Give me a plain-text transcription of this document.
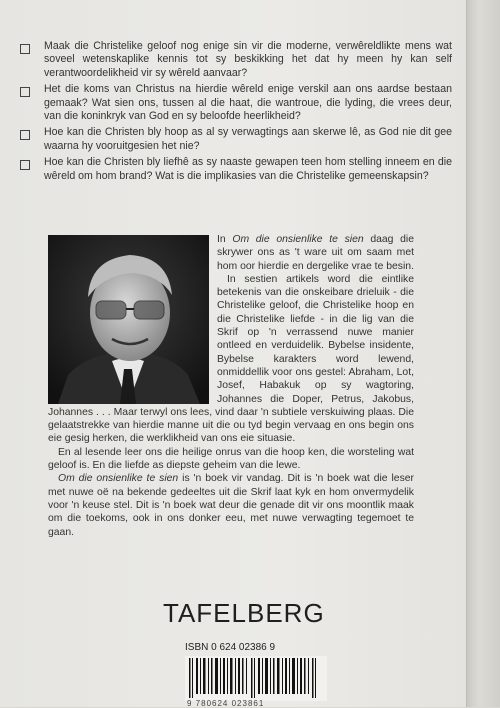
Maak die Christelike geloof nog enige sin vir die moderne, verwêreldlikte mens wat soveel wetenskaplike kennis tot sy beskikking het dat hy meen hy kan self verantwoordelikheid vir sy wêreld aanvaar?
Het die koms van Christus na hierdie wêreld enige verskil aan ons aardse bestaan gemaak? Wat sien ons, tussen al die haat, die wantroue, die lyding, die vrees deur, van die koninkryk van God en sy beloofde heerlikheid?
Hoe kan die Christen bly hoop as al sy verwagtings aan skerwe lê, as God nie dit gee waarna hy vooruitgesien het nie?
Hoe kan die Christen bly liefhê as sy naaste gewapen teen hom stelling inneem en die wêreld om hom brand? Wat is die implikasies van die Christelike gemeenskapsin?

In Om die onsienlike te sien daag die skrywer ons as 't ware uit om saam met hom oor hierdie en dergelike vrae te besin.

In sestien artikels word die eintlike betekenis van die onskeibare drieluik - die Christelike geloof, die Christelike hoop en die Christelike liefde - in die lig van die Skrif op 'n verrassend nuwe manier ontleed en verduidelik. Bybelse insidente, Bybelse karakters word lewend, onmiddellik voor ons gestel: Abraham, Lot, Josef, Habakuk op sy wagtoring, Johannes die Doper, Petrus, Jakobus, Johannes . . . Maar terwyl ons lees, vind daar 'n subtiele verskuiwing plaas. Die gelaatstrekke van hierdie manne uit die ou tyd begin vervaag en ons begin ons eie gesig herken, die werklikheid van ons eie situasie.

En al lesende leer ons die heilige onrus van die hoop ken, die worsteling wat geloof is. En die liefde as diepste geheim van die lewe.

Om die onsienlike te sien is 'n boek vir vandag. Dit is 'n boek wat die leser met nuwe oë na bekende gedeeltes uit die Skrif laat kyk en hom onvermydelik voor 'n keuse stel. Dit is 'n boek wat deur die genade dit vir ons moontlik maak om die toekoms, ook in ons donker eeu, met nuwe verwagting tegemoet te gaan.

TAFELBERG
ISBN 0 624 02386 9
9 780624 023861
